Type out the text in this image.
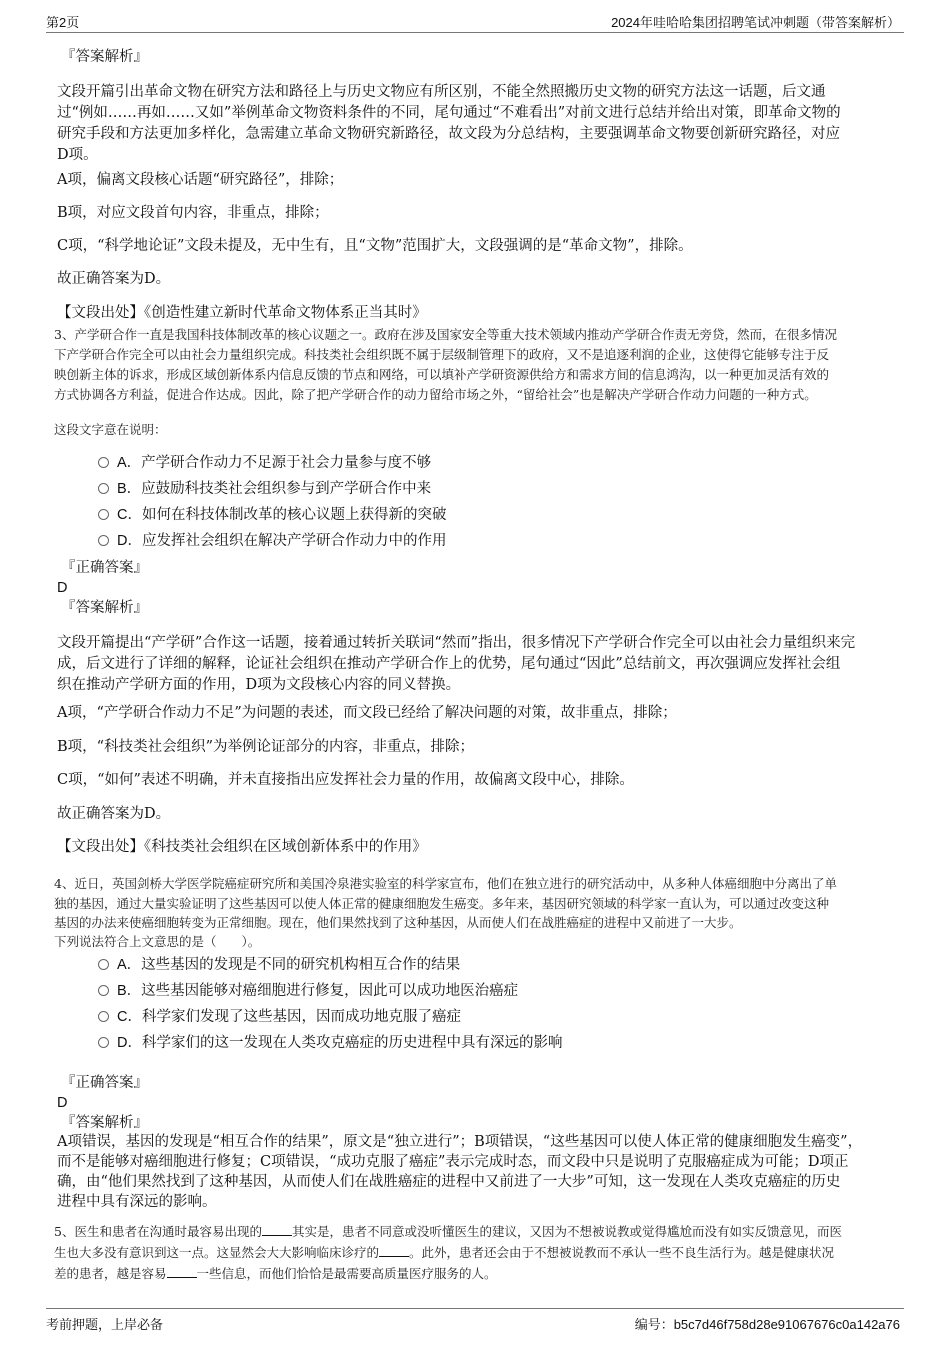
第2页	2024年哇哈哈集团招聘笔试冲刺题（带答案解析）
『答案解析』
文段开篇引出革命文物在研究方法和路径上与历史文物应有所区别，不能全然照搬历史文物的研究方法这一话题，后文通
过“例如……再如……又如”举例革命文物资料条件的不同，尾句通过“不难看出”对前文进行总结并给出对策，即革命文物的
研究手段和方法更加多样化，急需建立革命文物研究新路径，故文段为分总结构，主要强调革命文物要创新研究路径，对应
D项。
A项，偏离文段核心话题“研究路径”，排除；
B项，对应文段首句内容，非重点，排除；
C项，“科学地论证”文段未提及，无中生有，且“文物”范围扩大，文段强调的是“革命文物”，排除。
故正确答案为D。
【文段出处】《创造性建立新时代革命文物体系正当其时》
3、产学研合作一直是我国科技体制改革的核心议题之一。政府在涉及国家安全等重大技术领域内推动产学研合作责无旁贷，然而，在很多情况
下产学研合作完全可以由社会力量组织完成。科技类社会组织既不属于层级制管理下的政府，又不是追逐利润的企业，这使得它能够专注于反
映创新主体的诉求，形成区域创新体系内信息反馈的节点和网络，可以填补产学研资源供给方和需求方间的信息鸿沟，以一种更加灵活有效的
方式协调各方利益，促进合作达成。因此，除了把产学研合作的动力留给市场之外，“留给社会”也是解决产学研合作动力问题的一种方式。
这段文字意在说明：
A．产学研合作动力不足源于社会力量参与度不够
B．应鼓励科技类社会组织参与到产学研合作中来
C．如何在科技体制改革的核心议题上获得新的突破
D．应发挥社会组织在解决产学研合作动力中的作用
『正确答案』
D
『答案解析』
文段开篇提出“产学研”合作这一话题，接着通过转折关联词“然而”指出，很多情况下产学研合作完全可以由社会力量组织来完
成，后文进行了详细的解释，论证社会组织在推动产学研合作上的优势，尾句通过“因此”总结前文，再次强调应发挥社会组
织在推动产学研方面的作用，D项为文段核心内容的同义替换。
A项，“产学研合作动力不足”为问题的表述，而文段已经给了解决问题的对策，故非重点，排除；
B项，“科技类社会组织”为举例论证部分的内容，非重点，排除；
C项，“如何”表述不明确，并未直接指出应发挥社会力量的作用，故偏离文段中心，排除。
故正确答案为D。
【文段出处】《科技类社会组织在区域创新体系中的作用》
4、近日，英国剑桥大学医学院癌症研究所和美国冷泉港实验室的科学家宣布，他们在独立进行的研究活动中，从多种人体癌细胞中分离出了单
独的基因，通过大量实验证明了这些基因可以使人体正常的健康细胞发生癌变。多年来，基因研究领域的科学家一直认为，可以通过改变这种
基因的办法来使癌细胞转变为正常细胞。现在，他们果然找到了这种基因，从而使人们在战胜癌症的进程中又前进了一大步。
下列说法符合上文意思的是（　　）。
A．这些基因的发现是不同的研究机构相互合作的结果
B．这些基因能够对癌细胞进行修复，因此可以成功地医治癌症
C．科学家们发现了这些基因，因而成功地克服了癌症
D．科学家们的这一发现在人类攻克癌症的历史进程中具有深远的影响
『正确答案』
D
『答案解析』
A项错误，基因的发现是“相互合作的结果”，原文是“独立进行”；B项错误，“这些基因可以使人体正常的健康细胞发生癌变”，
而不是能够对癌细胞进行修复；C项错误，“成功克服了癌症”表示完成时态，而文段中只是说明了克服癌症成为可能；D项正
确，由“他们果然找到了这种基因，从而使人们在战胜癌症的进程中又前进了一大步”可知，这一发现在人类攻克癌症的历史
进程中具有深远的影响。
5、医生和患者在沟通时最容易出现的 其实是，患者不同意或没听懂医生的建议，又因为不想被说教或觉得尴尬而没有如实反馈意见，而医
生也大多没有意识到这一点。这显然会大大影响临床诊疗的 。此外，患者还会由于不想被说教而不承认一些不良生活行为。越是健康状况
差的患者，越是容易 一些信息，而他们恰恰是最需要高质量医疗服务的人。
考前押题，上岸必备	编号：b5c7d46f758d28e91067676c0a142a76
